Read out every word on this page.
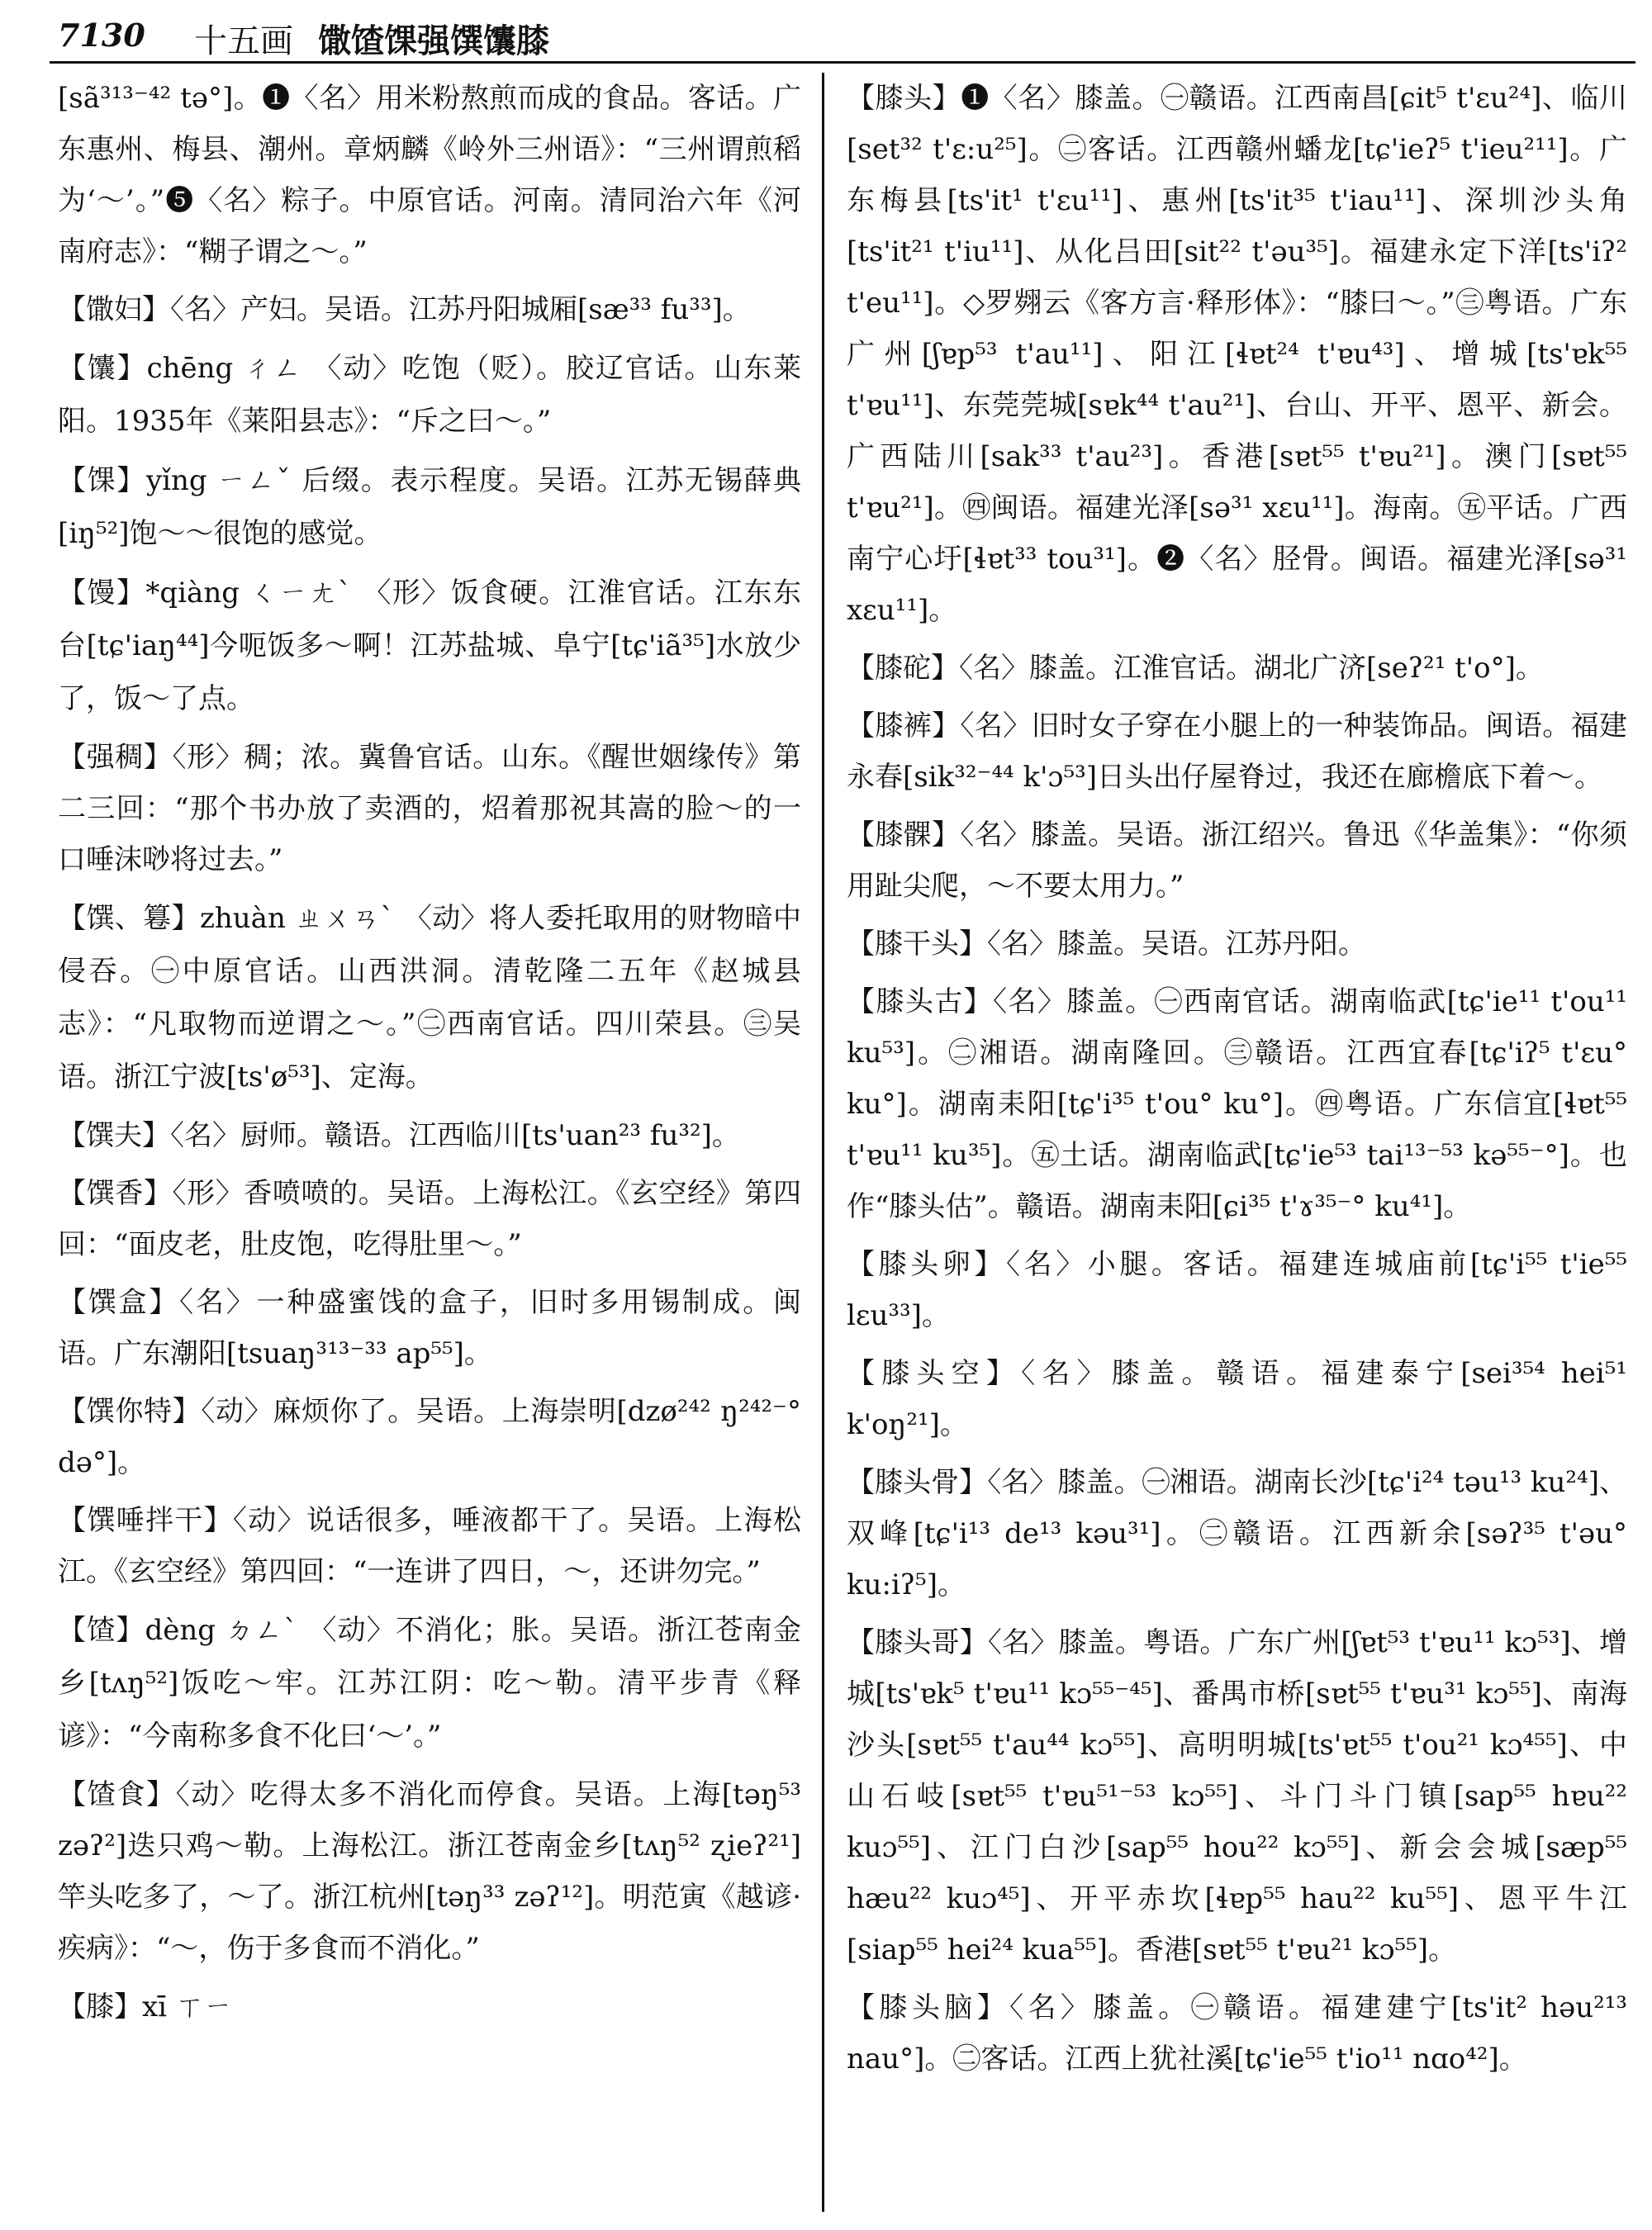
7130 十五画 馓馇馃强馔馕膝

[sã³¹³⁻⁴² tə°]。❶〈名〉用米粉熬煎而成的食品。客话。广东惠州、梅县、潮州。章炳麟《岭外三州语》：“三州谓煎稻为‘～’。”❺〈名〉粽子。中原官话。河南。清同治六年《河南府志》：“糊子谓之～。”

【馓妇】〈名〉产妇。吴语。江苏丹阳城厢[sæ³³ fu³³]。

【馕】chēng ㄔㄥ 〈动〉吃饱（贬）。胶辽官话。山东莱阳。1935年《莱阳县志》：“斥之曰～。”

【馃】yǐng ㄧㄥˇ 后缀。表示程度。吴语。江苏无锡薛典[iŋ⁵²]饱～～很饱的感觉。

【馒】*qiàng ㄑㄧㄤˋ 〈形〉饭食硬。江淮官话。江东东台[tɕ'iaŋ⁴⁴]今呃饭多～啊！江苏盐城、阜宁[tɕ'iã³⁵]水放少了，饭～了点。

【强稠】〈形〉稠；浓。冀鲁官话。山东。《醒世姻缘传》第二三回：“那个书办放了卖酒的，炤着那祝其嵩的脸～的一口唾沫唦将过去。”

【馔、篹】zhuàn ㄓㄨㄢˋ 〈动〉将人委托取用的财物暗中侵吞。㊀中原官话。山西洪洞。清乾隆二五年《赵城县志》：“凡取物而逆谓之～。”㊁西南官话。四川荣县。㊂吴语。浙江宁波[ts'ø⁵³]、定海。

【馔夫】〈名〉厨师。赣语。江西临川[ts'uan²³ fu³²]。

【馔香】〈形〉香喷喷的。吴语。上海松江。《玄空经》第四回：“面皮老，肚皮饱，吃得肚里～。”

【馔盒】〈名〉一种盛蜜饯的盒子，旧时多用锡制成。闽语。广东潮阳[tsuaŋ³¹³⁻³³ ap⁵⁵]。

【馔你特】〈动〉麻烦你了。吴语。上海崇明[dzø²⁴² ŋ²⁴²⁻° də°]。

【馔唾拌干】〈动〉说话很多，唾液都干了。吴语。上海松江。《玄空经》第四回：“一连讲了四日，～，还讲勿完。”

【馇】dèng ㄉㄥˋ 〈动〉不消化；胀。吴语。浙江苍南金乡[tʌŋ⁵²]饭吃～牢。江苏江阴：吃～勒。清平步青《释谚》：“今南称多食不化曰‘～’。”

【馇食】〈动〉吃得太多不消化而停食。吴语。上海[təŋ⁵³ zəʔ²]迭只鸡～勒。上海松江。浙江苍南金乡[tʌŋ⁵² ʐieʔ²¹]竿头吃多了，～了。浙江杭州[təŋ³³ zəʔ¹²]。明范寅《越谚·疾病》：“～，伤于多食而不消化。”

【膝】xī ㄒㄧ

【膝头】❶〈名〉膝盖。㊀赣语。江西南昌[ɕit⁵ t'ɛu²⁴]、临川[set³² t'ɛ:u²⁵]。㊁客话。江西赣州蟠龙[tɕ'ieʔ⁵ t'ieu²¹¹]。广东梅县[ts'it¹ t'ɛu¹¹]、惠州[ts'it³⁵ t'iau¹¹]、深圳沙头角[ts'it²¹ t'iu¹¹]、从化吕田[sit²² t'əu³⁵]。福建永定下洋[ts'iʔ² t'eu¹¹]。◇罗翙云《客方言·释形体》：“膝曰～。”㊂粤语。广东广州[ʃɐp⁵³ t'au¹¹]、阳江[ɬɐt²⁴ t'ɐu⁴³]、增城[ts'ɐk⁵⁵ t'ɐu¹¹]、东莞莞城[sɐk⁴⁴ t'au²¹]、台山、开平、恩平、新会。广西陆川[sak³³ t'au²³]。香港[sɐt⁵⁵ t'ɐu²¹]。澳门[sɐt⁵⁵ t'ɐu²¹]。㊃闽语。福建光泽[sə³¹ xɛu¹¹]。海南。㊄平话。广西南宁心圩[ɬɐt³³ tou³¹]。❷〈名〉胫骨。闽语。福建光泽[sə³¹ xɛu¹¹]。

【膝砣】〈名〉膝盖。江淮官话。湖北广济[seʔ²¹ t'o°]。

【膝裤】〈名〉旧时女子穿在小腿上的一种装饰品。闽语。福建永春[sik³²⁻⁴⁴ k'ɔ⁵³]日头出仔屋脊过，我还在廊檐底下着～。

【膝髁】〈名〉膝盖。吴语。浙江绍兴。鲁迅《华盖集》：“你须用趾尖爬，～不要太用力。”

【膝干头】〈名〉膝盖。吴语。江苏丹阳。

【膝头古】〈名〉膝盖。㊀西南官话。湖南临武[tɕ'ie¹¹ t'ou¹¹ ku⁵³]。㊁湘语。湖南隆回。㊂赣语。江西宜春[tɕ'iʔ⁵ t'ɛu° ku°]。湖南耒阳[tɕ'i³⁵ t'ou° ku°]。㊃粤语。广东信宜[ɬɐt⁵⁵ t'ɐu¹¹ ku³⁵]。㊄土话。湖南临武[tɕ'ie⁵³ tai¹³⁻⁵³ kə⁵⁵⁻°]。也作“膝头估”。赣语。湖南耒阳[ɕi³⁵ t'ɤ³⁵⁻° ku⁴¹]。

【膝头卵】〈名〉小腿。客话。福建连城庙前[tɕ'i⁵⁵ t'ie⁵⁵ lɛu³³]。

【膝头空】〈名〉膝盖。赣语。福建泰宁[sei³⁵⁴ hei⁵¹ k'oŋ²¹]。

【膝头骨】〈名〉膝盖。㊀湘语。湖南长沙[tɕ'i²⁴ təu¹³ ku²⁴]、双峰[tɕ'i¹³ de¹³ kəu³¹]。㊁赣语。江西新余[səʔ³⁵ t'əu° ku:iʔ⁵]。

【膝头哥】〈名〉膝盖。粤语。广东广州[ʃɐt⁵³ t'ɐu¹¹ kɔ⁵³]、增城[ts'ɐk⁵ t'ɐu¹¹ kɔ⁵⁵⁻⁴⁵]、番禺市桥[sɐt⁵⁵ t'ɐu³¹ kɔ⁵⁵]、南海沙头[sɐt⁵⁵ t'au⁴⁴ kɔ⁵⁵]、高明明城[ts'ɐt⁵⁵ t'ou²¹ kɔ⁴⁵⁵]、中山石岐[sɐt⁵⁵ t'ɐu⁵¹⁻⁵³ kɔ⁵⁵]、斗门斗门镇[sap⁵⁵ hɐu²² kuɔ⁵⁵]、江门白沙[sap⁵⁵ hou²² kɔ⁵⁵]、新会会城[sæp⁵⁵ hæu²² kuɔ⁴⁵]、开平赤坎[ɬɐp⁵⁵ hau²² ku⁵⁵]、恩平牛江[siap⁵⁵ hei²⁴ kua⁵⁵]。香港[sɐt⁵⁵ t'ɐu²¹ kɔ⁵⁵]。

【膝头脑】〈名〉膝盖。㊀赣语。福建建宁[ts'it² həu²¹³ nau°]。㊁客话。江西上犹社溪[tɕ'ie⁵⁵ t'io¹¹ nɑo⁴²]。
